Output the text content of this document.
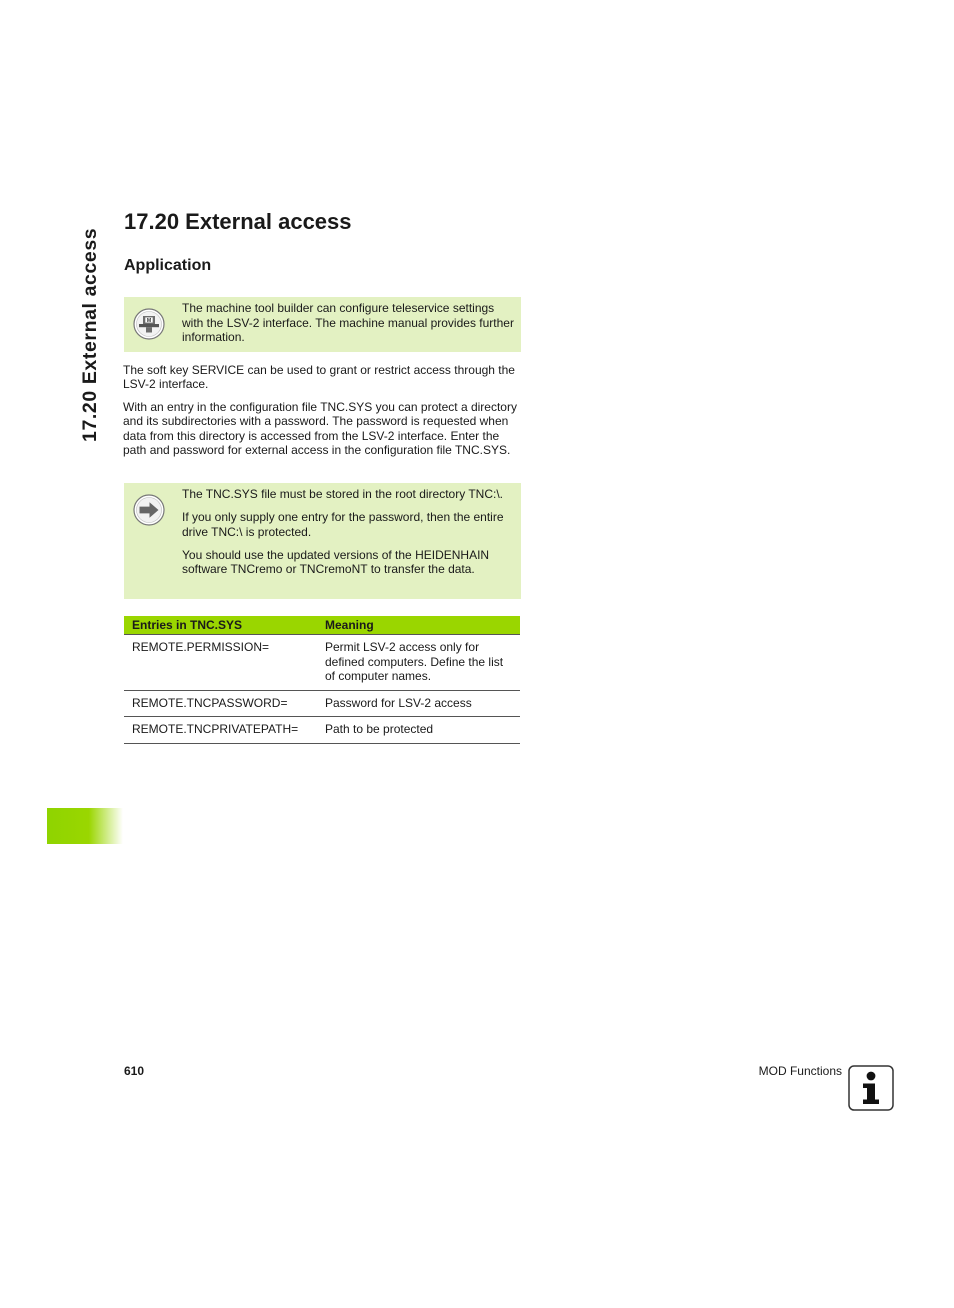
17.20 External access
17.20 External access
Application
M
The machine tool builder can configure teleservice settings with the LSV-2 interface. The machine manual provides further information.

The soft key SERVICE can be used to grant or restrict access through the LSV-2 interface.

With an entry in the configuration file TNC.SYS you can protect a directory and its subdirectories with a password. The password is requested when data from this directory is accessed from the LSV-2 interface. Enter the path and password for external access in the configuration file TNC.SYS.

The TNC.SYS file must be stored in the root directory TNC:\.

If you only supply one entry for the password, then the entire drive TNC:\ is protected.

You should use the updated versions of the HEIDENHAIN software TNCremo or TNCremoNT to transfer the data.

Entries in TNC.SYS	Meaning
REMOTE.PERMISSION=	Permit LSV-2 access only for defined computers. Define the list of computer names.
REMOTE.TNCPASSWORD=	Password for LSV-2 access
REMOTE.TNCPRIVATEPATH=	Path to be protected
610	MOD Functions
